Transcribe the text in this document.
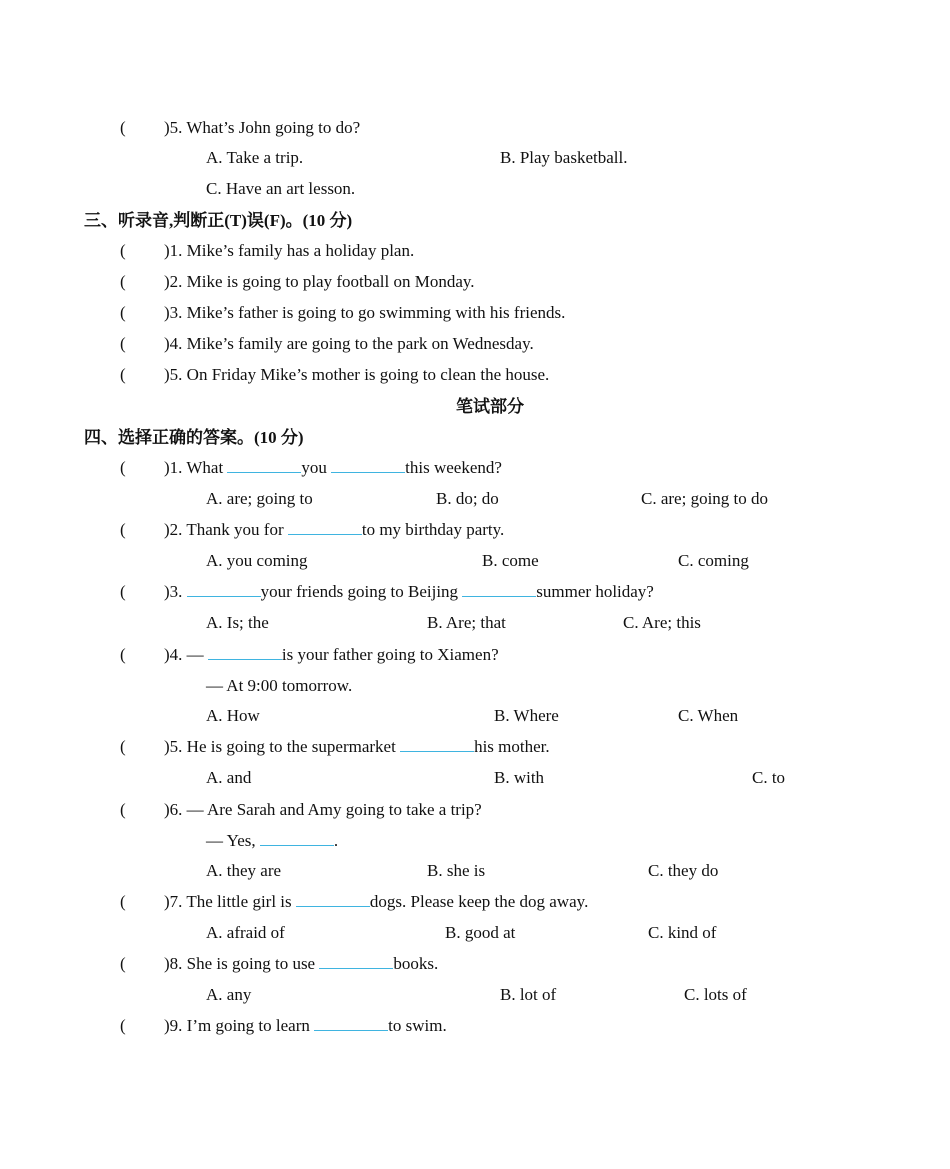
( )5. What’s John going to do?
A. Take a trip.	B. Play basketball.
C. Have an art lesson.
三、听录音,判断正(T)误(F)。(10 分)
( )1. Mike’s family has a holiday plan.
( )2. Mike is going to play football on Monday.
( )3. Mike’s father is going to go swimming with his friends.
( )4. Mike’s family are going to the park on Wednesday.
( )5. On Friday Mike’s mother is going to clean the house.
笔试部分
四、选择正确的答案。(10 分)
( )1. What	you	this weekend?
A. are; going to	B. do; do	C. are; going to do
( )2. Thank you for	to my birthday party.
A. you coming	B. come	C. coming
( )3.	your friends going to Beijing	summer holiday?
A. Is; the	B. Are; that	C. Are; this
( )4. —	is your father going to Xiamen?
— At 9:00 tomorrow.
A. How	B. Where	C. When
( )5. He is going to the supermarket	his mother.
A. and	B. with	C. to
( )6. — Are Sarah and Amy going to take a trip?
— Yes,	.
A. they are	B. she is	C. they do
( )7. The little girl is	dogs. Please keep the dog away.
A. afraid of	B. good at	C. kind of
( )8. She is going to use	books.
A. any	B. lot of	C. lots of
( )9. I’m going to learn	to swim.
